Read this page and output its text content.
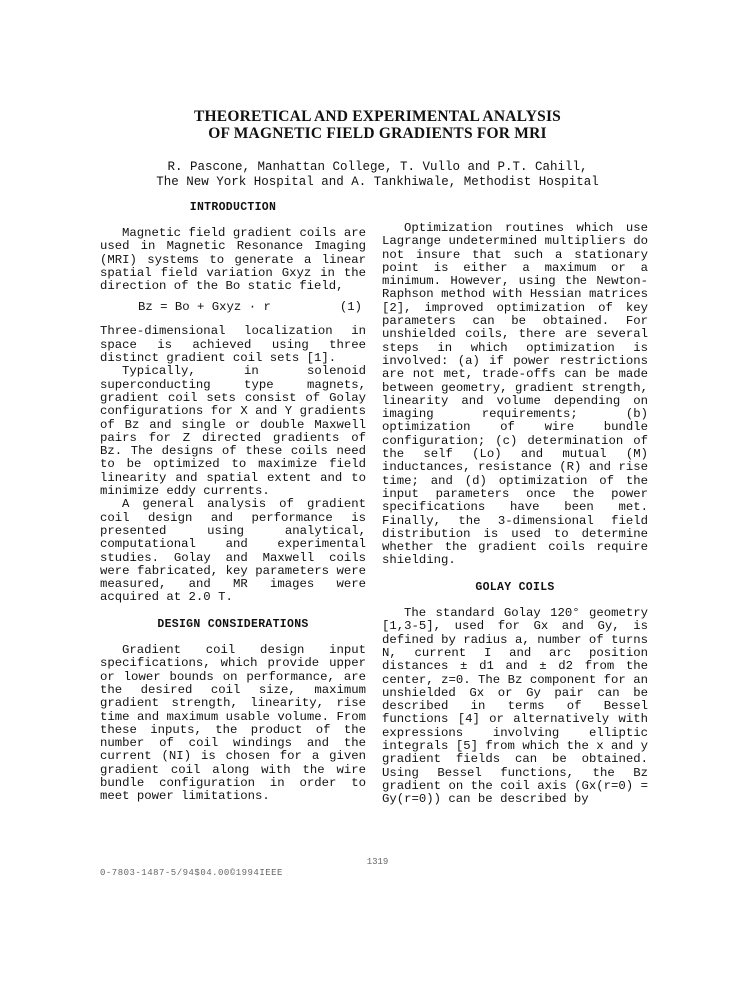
THEORETICAL AND EXPERIMENTAL ANALYSIS
OF MAGNETIC FIELD GRADIENTS FOR MRI
R. Pascone, Manhattan College, T. Vullo and P.T. Cahill,
The New York Hospital and A. Tankhiwale, Methodist Hospital
INTRODUCTION

Magnetic field gradient coils are used in Magnetic Resonance Imaging (MRI) systems to generate a linear spatial field variation Gxyz in the direction of the Bo static field,

Bz = Bo + Gxyz · r	(1)

Three-dimensional localization in space is achieved using three distinct gradient coil sets [1].

Typically, in solenoid superconducting type magnets, gradient coil sets consist of Golay configurations for X and Y gradients of Bz and single or double Maxwell pairs for Z directed gradients of Bz. The designs of these coils need to be optimized to maximize field linearity and spatial extent and to minimize eddy currents.

A general analysis of gradient coil design and performance is presented using analytical, computational and experimental studies. Golay and Maxwell coils were fabricated, key parameters were measured, and MR images were acquired at 2.0 T.

DESIGN CONSIDERATIONS

Gradient coil design input specifications, which provide upper or lower bounds on performance, are the desired coil size, maximum gradient strength, linearity, rise time and maximum usable volume. From these inputs, the product of the number of coil windings and the current (NI) is chosen for a given gradient coil along with the wire bundle configuration in order to meet power limitations.

Optimization routines which use Lagrange undetermined multipliers do not insure that such a stationary point is either a maximum or a minimum. However, using the Newton-Raphson method with Hessian matrices [2], improved optimization of key parameters can be obtained. For unshielded coils, there are several steps in which optimization is involved: (a) if power restrictions are not met, trade-offs can be made between geometry, gradient strength, linearity and volume depending on imaging requirements; (b) optimization of wire bundle configuration; (c) determination of the self (Lo) and mutual (M) inductances, resistance (R) and rise time; and (d) optimization of the input parameters once the power specifications have been met. Finally, the 3-dimensional field distribution is used to determine whether the gradient coils require shielding.

GOLAY COILS

The standard Golay 120° geometry [1,3-5], used for Gx and Gy, is defined by radius a, number of turns N, current I and arc position distances ± d1 and ± d2 from the center, z=0. The Bz component for an unshielded Gx or Gy pair can be described in terms of Bessel functions [4] or alternatively with expressions involving elliptic integrals [5] from which the x and y gradient fields can be obtained. Using Bessel functions, the Bz gradient on the coil axis (Gx(r=0) = Gy(r=0)) can be described by

1319
0-7803-1487-5/94$04.00©1994IEEE
